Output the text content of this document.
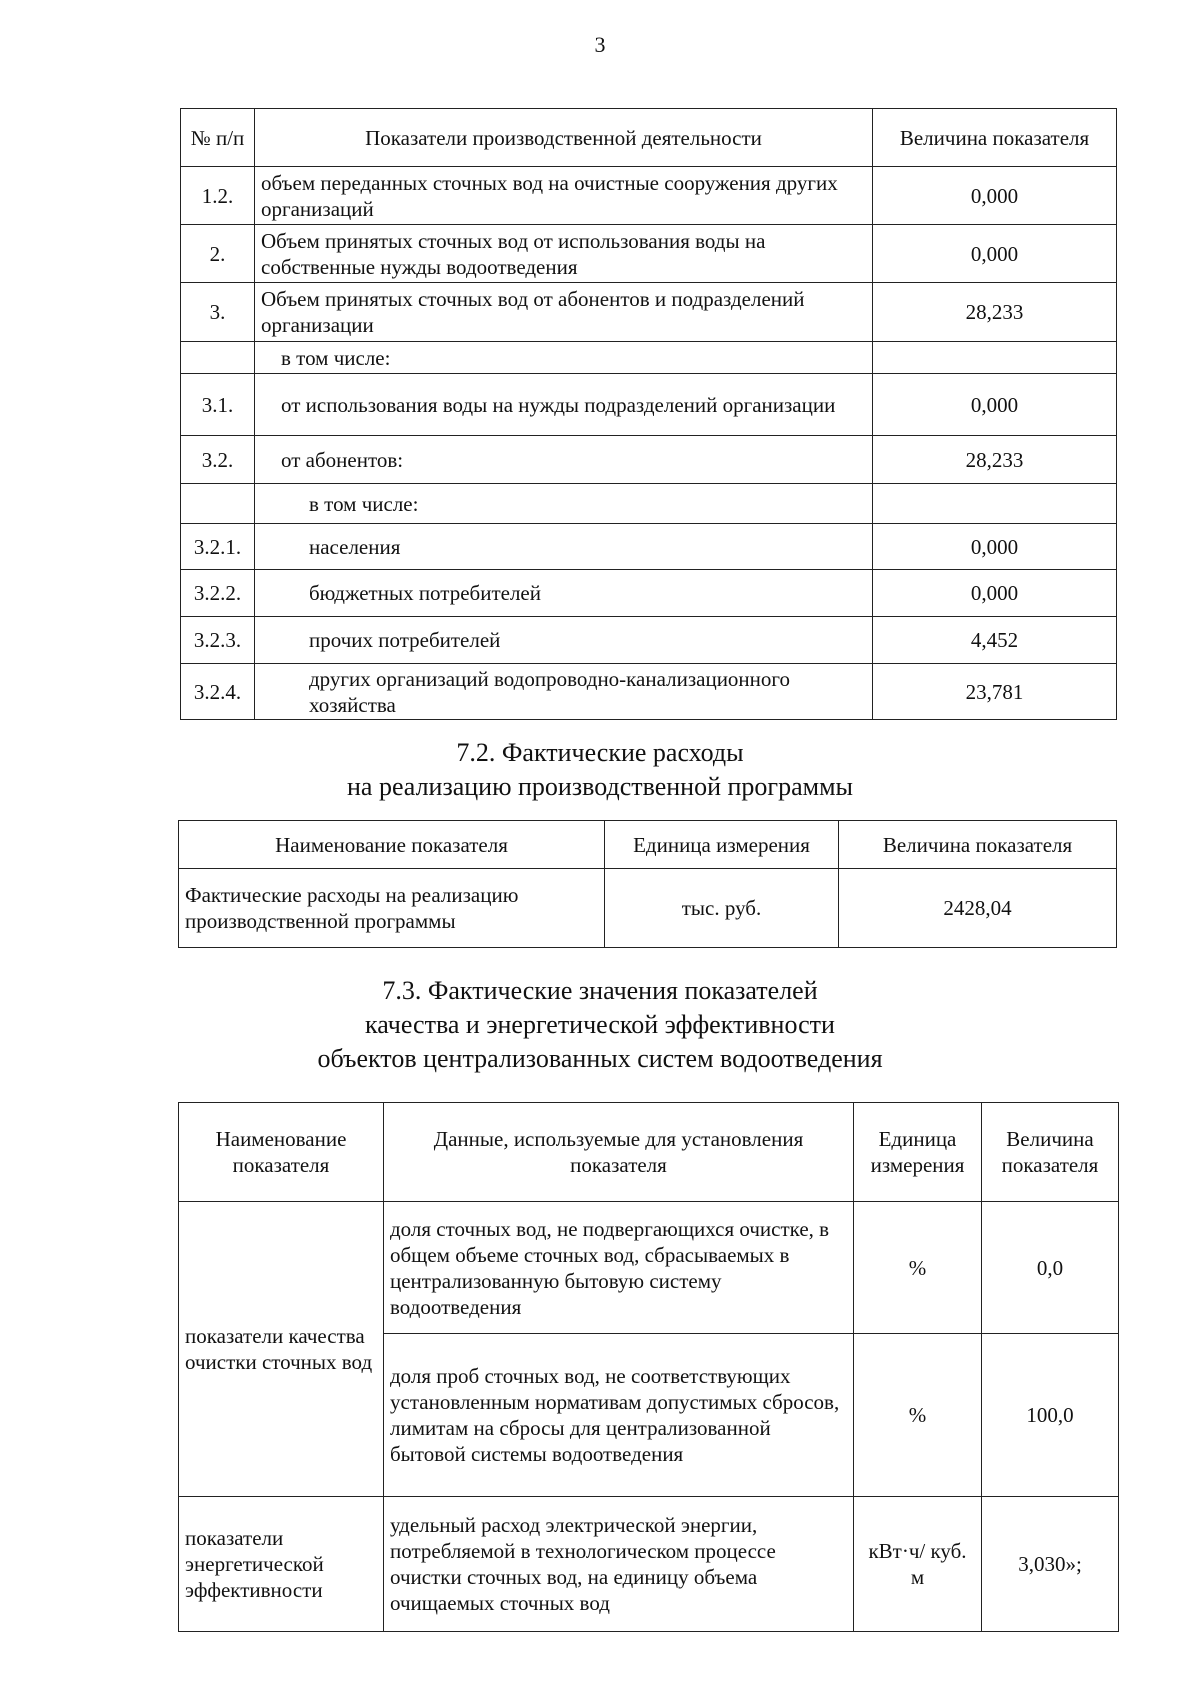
3
№ п/п	Показатели производственной деятельности	Величина показателя
1.2.	объем переданных сточных вод на очистные сооружения других организаций	0,000
2.	Объем принятых сточных вод от использования воды на собственные нужды водоотведения	0,000
3.	Объем принятых сточных вод от абонентов и подразделений организации	28,233
	в том числе:	
3.1.	от использования воды на нужды подразделений организации	0,000
3.2.	от абонентов:	28,233
	в том числе:	
3.2.1.	населения	0,000
3.2.2.	бюджетных потребителей	0,000
3.2.3.	прочих потребителей	4,452
3.2.4.	других организаций водопроводно-канализационного хозяйства	23,781
7.2. Фактические расходы
на реализацию производственной программы
Наименование показателя	Единица измерения	Величина показателя
Фактические расходы на реализацию производственной программы	тыс. руб.	2428,04
7.3. Фактические значения показателей
качества и энергетической эффективности
объектов централизованных систем водоотведения
Наименование показателя	Данные, используемые для установления показателя	Единица измерения	Величина показателя
показатели качества очистки сточных вод	доля сточных вод, не подвергающихся очистке, в общем объеме сточных вод, сбрасываемых в централизованную бытовую систему водоотведения	%	0,0
	доля проб сточных вод, не соответствующих установленным нормативам допустимых сбросов, лимитам на сбросы для централизованной бытовой системы водоотведения	%	100,0
показатели энергетической эффективности	удельный расход электрической энергии, потребляемой в технологическом процессе очистки сточных вод, на единицу объема очищаемых сточных вод	кВт·ч/ куб. м	3,030»;
